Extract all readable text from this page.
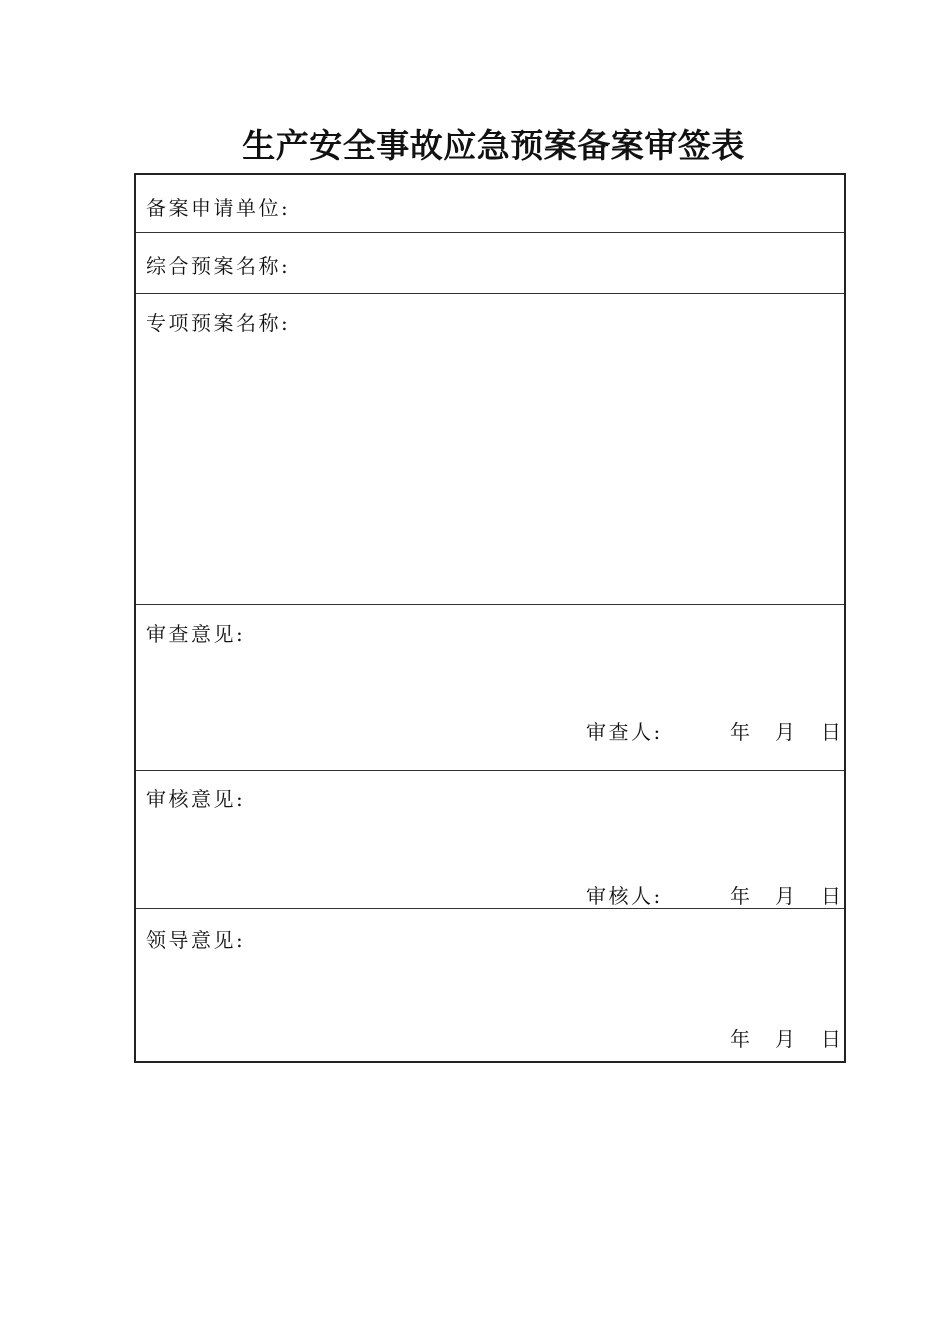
生产安全事故应急预案备案审签表
备案申请单位:
综合预案名称:
专项预案名称:
审查意见:
审查人:	年 月 日
审核意见:
审核人:	年 月 日
领导意见:
年 月 日
